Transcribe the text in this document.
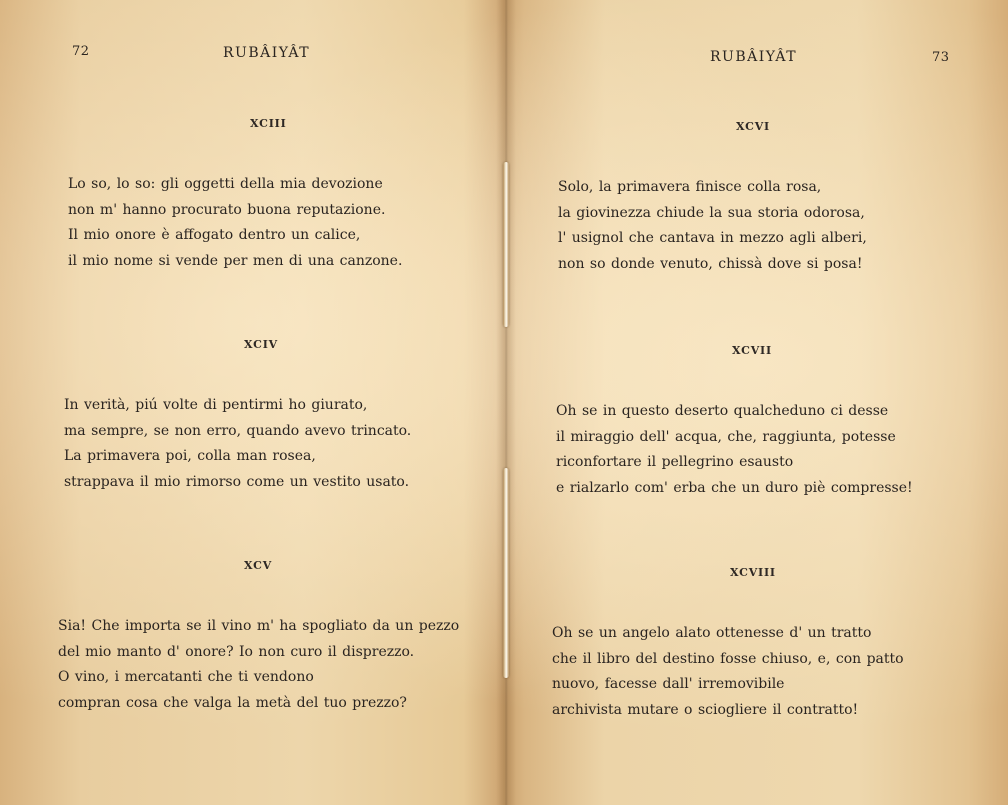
72	RUBÂIYÂT
XCIII
Lo so, lo so: gli oggetti della mia devozione
non m' hanno procurato buona reputazione.
Il mio onore è affogato dentro un calice,
il mio nome si vende per men di una canzone.
XCIV
In verità, piú volte di pentirmi ho giurato,
ma sempre, se non erro, quando avevo trincato.
La primavera poi, colla man rosea,
strappava il mio rimorso come un vestito usato.
XCV
Sia! Che importa se il vino m' ha spogliato da un pezzo
del mio manto d' onore? Io non curo il disprezzo.
O vino, i mercatanti che ti vendono
compran cosa che valga la metà del tuo prezzo?
RUBÂIYÂT	73
XCVI
Solo, la primavera finisce colla rosa,
la giovinezza chiude la sua storia odorosa,
l' usignol che cantava in mezzo agli alberi,
non so donde venuto, chissà dove si posa!
XCVII
Oh se in questo deserto qualcheduno ci desse
il miraggio dell' acqua, che, raggiunta, potesse
riconfortare il pellegrino esausto
e rialzarlo com' erba che un duro piè compresse!
XCVIII
Oh se un angelo alato ottenesse d' un tratto
che il libro del destino fosse chiuso, e, con patto
nuovo, facesse dall' irremovibile
archivista mutare o sciogliere il contratto!
